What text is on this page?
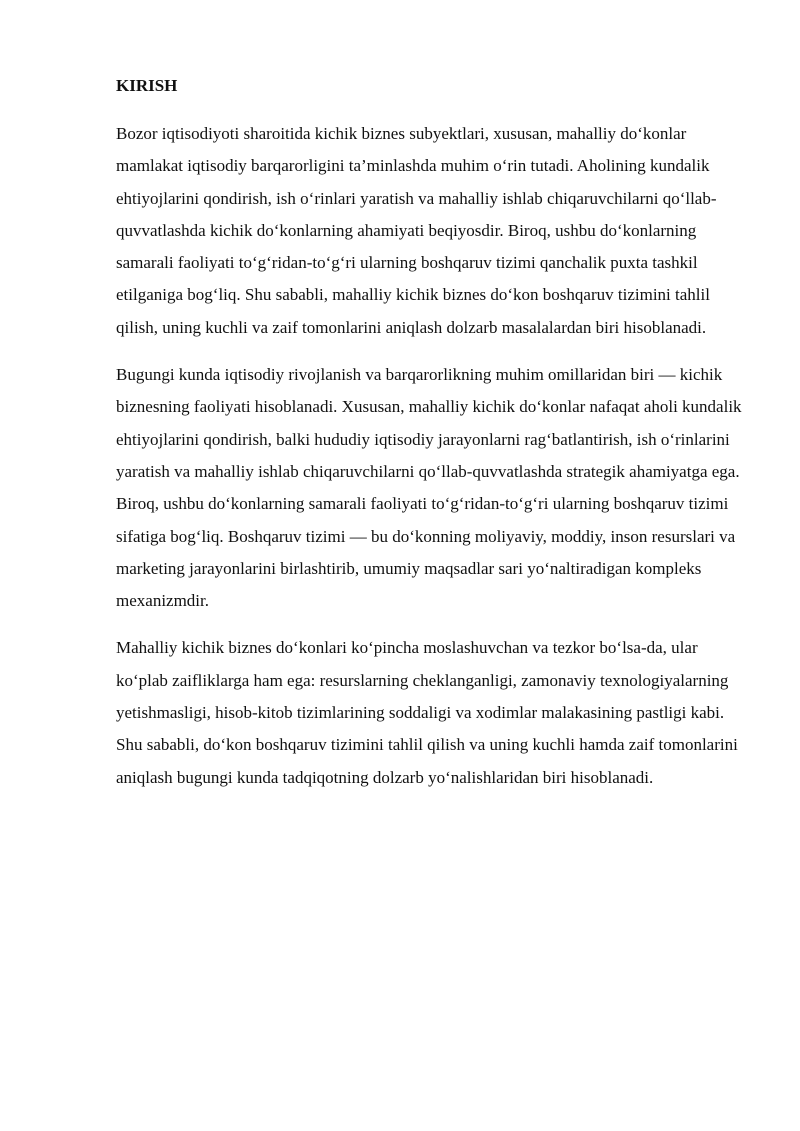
KIRISH

Bozor iqtisodiyoti sharoitida kichik biznes subyektlari, xususan, mahalliy do‘konlar mamlakat iqtisodiy barqarorligini ta’minlashda muhim o‘rin tutadi. Aholining kundalik ehtiyojlarini qondirish, ish o‘rinlari yaratish va mahalliy ishlab chiqaruvchilarni qo‘llab-quvvatlashda kichik do‘konlarning ahamiyati beqiyosdir. Biroq, ushbu do‘konlarning samarali faoliyati to‘g‘ridan-to‘g‘ri ularning boshqaruv tizimi qanchalik puxta tashkil etilganiga bog‘liq. Shu sababli, mahalliy kichik biznes do‘kon boshqaruv tizimini tahlil qilish, uning kuchli va zaif tomonlarini aniqlash dolzarb masalalardan biri hisoblanadi.

Bugungi kunda iqtisodiy rivojlanish va barqarorlikning muhim omillaridan biri — kichik biznesning faoliyati hisoblanadi. Xususan, mahalliy kichik do‘konlar nafaqat aholi kundalik ehtiyojlarini qondirish, balki hududiy iqtisodiy jarayonlarni rag‘batlantirish, ish o‘rinlarini yaratish va mahalliy ishlab chiqaruvchilarni qo‘llab-quvvatlashda strategik ahamiyatga ega. Biroq, ushbu do‘konlarning samarali faoliyati to‘g‘ridan-to‘g‘ri ularning boshqaruv tizimi sifatiga bog‘liq. Boshqaruv tizimi — bu do‘konning moliyaviy, moddiy, inson resurslari va marketing jarayonlarini birlashtirib, umumiy maqsadlar sari yo‘naltiradigan kompleks mexanizmdir.

Mahalliy kichik biznes do‘konlari ko‘pincha moslashuvchan va tezkor bo‘lsa-da, ular ko‘plab zaifliklarga ham ega: resurslarning cheklanganligi, zamonaviy texnologiyalarning yetishmasligi, hisob-kitob tizimlarining soddaligi va xodimlar malakasining pastligi kabi. Shu sababli, do‘kon boshqaruv tizimini tahlil qilish va uning kuchli hamda zaif tomonlarini aniqlash bugungi kunda tadqiqotning dolzarb yo‘nalishlaridan biri hisoblanadi.
